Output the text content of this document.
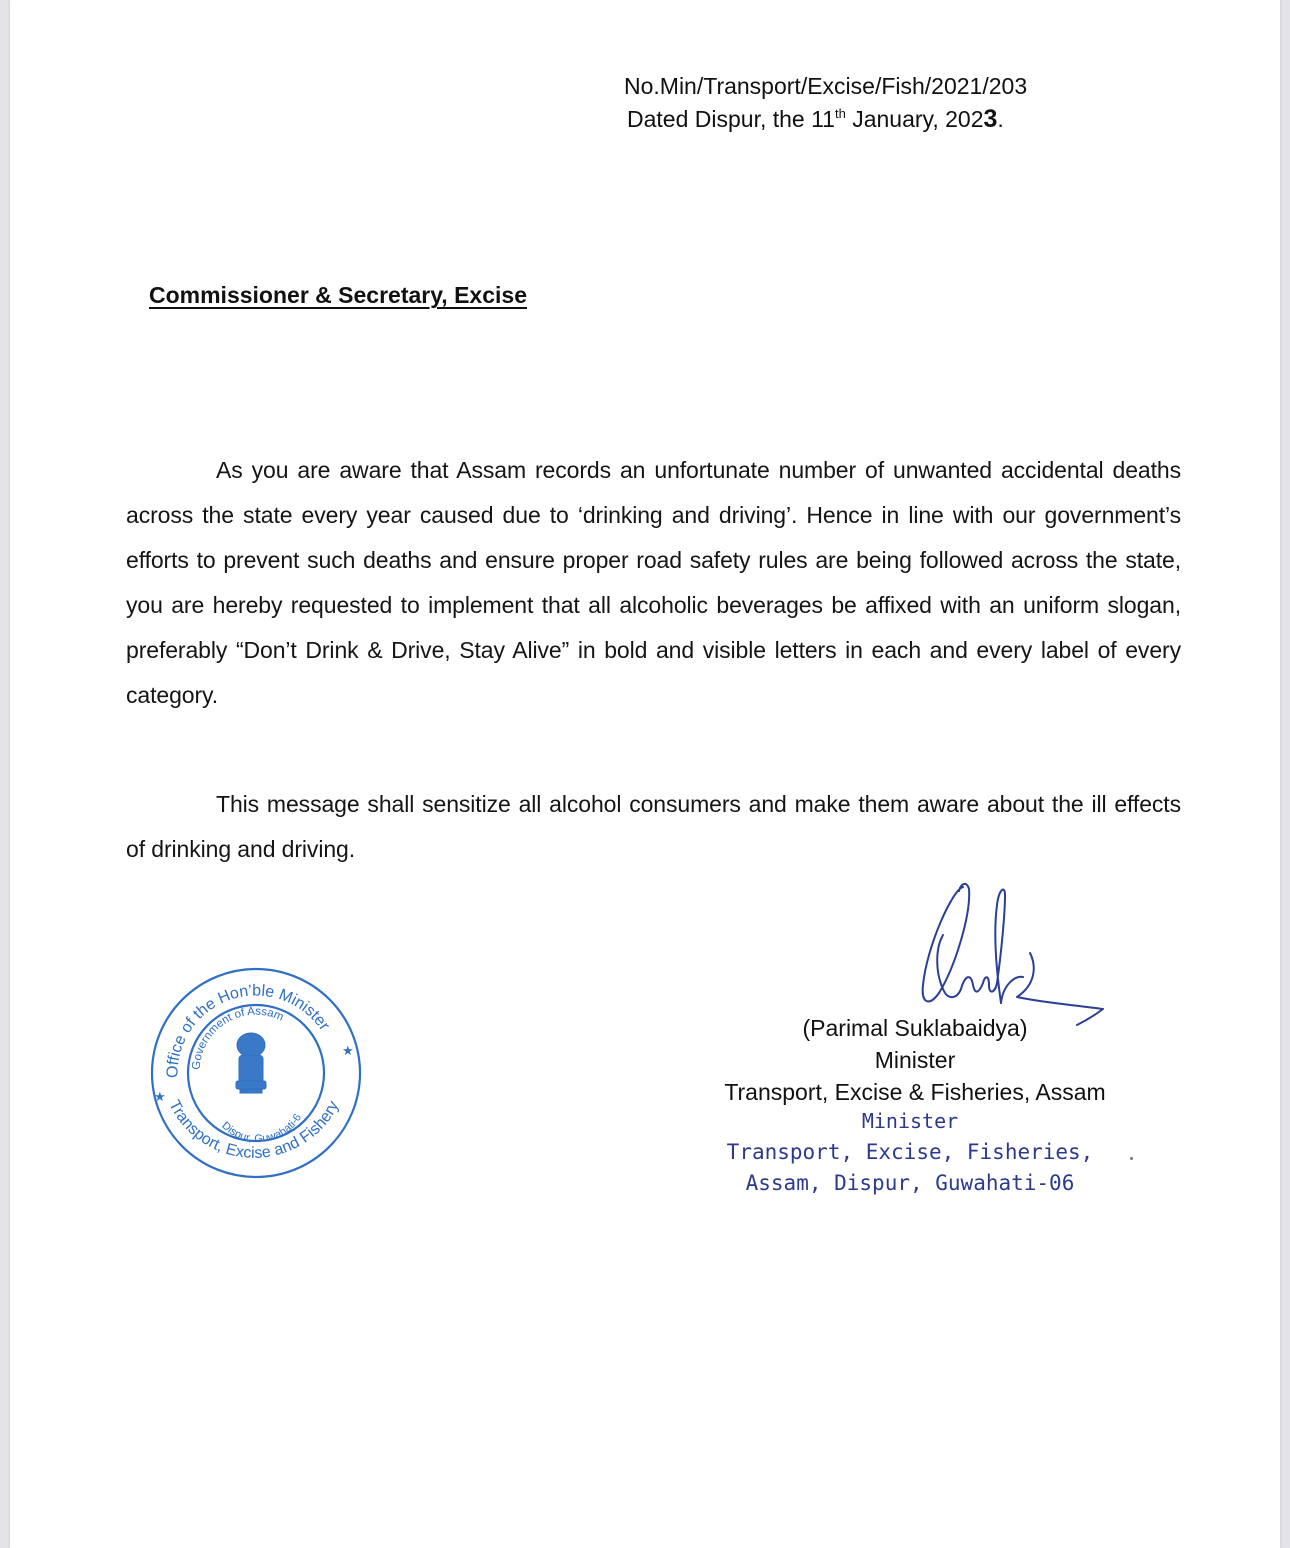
No.Min/Transport/Excise/Fish/2021/203
Dated Dispur, the 11th January, 2023.
Commissioner & Secretary, Excise
As you are aware that Assam records an unfortunate number of unwanted accidental deaths across the state every year caused due to ‘drinking and driving’. Hence in line with our government’s efforts to prevent such deaths and ensure proper road safety rules are being followed across the state, you are hereby requested to implement that all alcoholic beverages be affixed with an uniform slogan, preferably “Don’t Drink & Drive, Stay Alive” in bold and visible letters in each and every label of every category.
This message shall sensitize all alcohol consumers and make them aware about the ill effects of drinking and driving.
(Parimal Suklabaidya)
Minister
Transport, Excise & Fisheries, Assam
Minister
Transport, Excise, Fisheries,
Assam, Dispur, Guwahati-06
Office of the Hon’ble Minister
Transport, Excise and Fishery
Government of Assam
Dispur, Guwahati-6
★
★
